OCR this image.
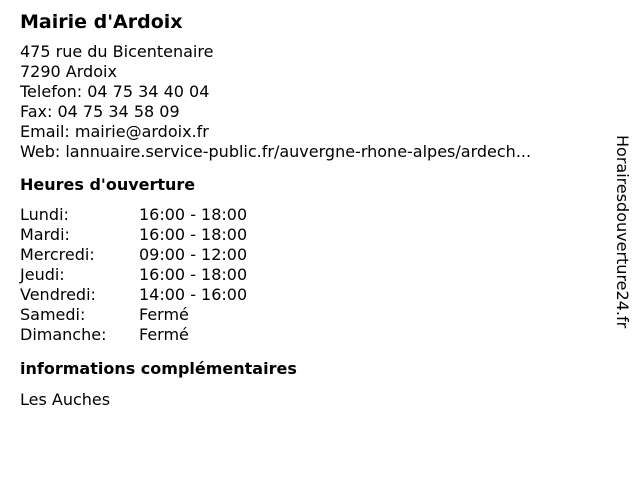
Mairie d'Ardoix
475 rue du Bicentenaire
7290 Ardoix
Telefon: 04 75 34 40 04
Fax: 04 75 34 58 09
Email: mairie@ardoix.fr
Web: lannuaire.service-public.fr/auvergne-rhone-alpes/ardech...
Heures d'ouverture
Lundi:	16:00 - 18:00
Mardi:	16:00 - 18:00
Mercredi:	09:00 - 12:00
Jeudi:	16:00 - 18:00
Vendredi:	14:00 - 16:00
Samedi:	Fermé
Dimanche:	Fermé
informations complémentaires
Les Auches
Horairesdouverture24.fr
